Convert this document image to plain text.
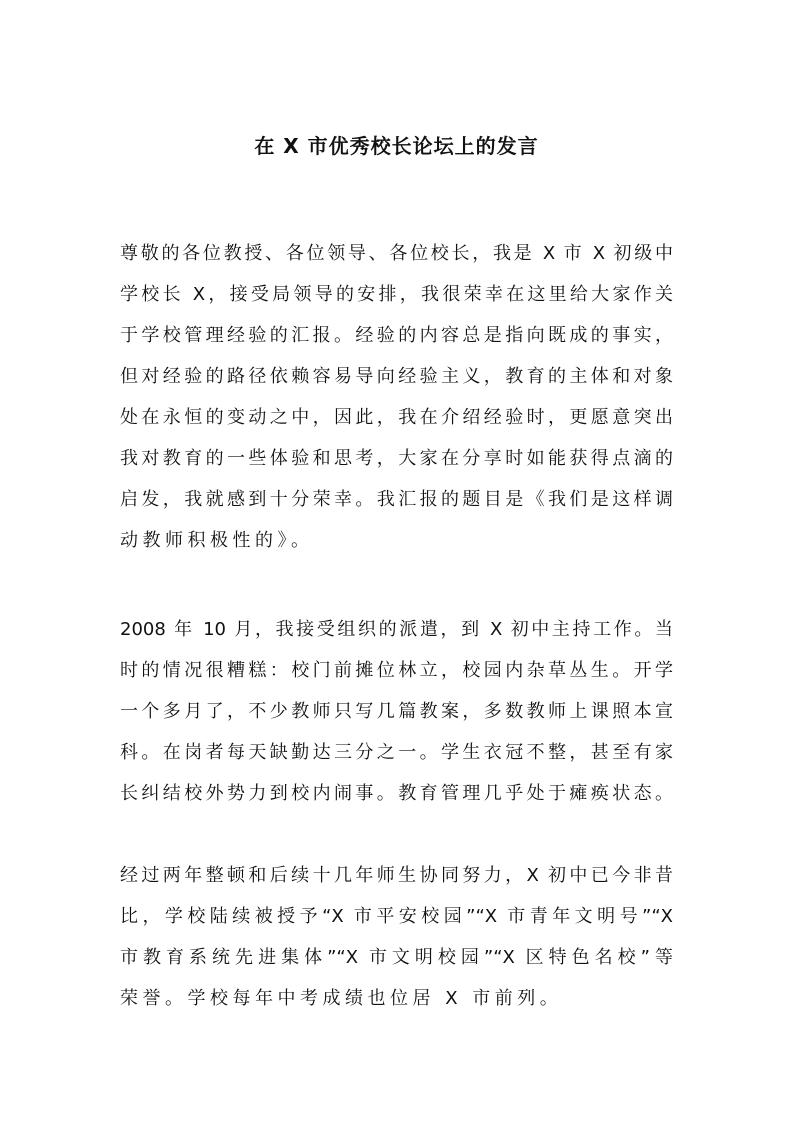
在 X 市优秀校长论坛上的发言
尊敬的各位教授、各位领导、各位校长，我是 X 市 X 初级中
学校长 X，接受局领导的安排，我很荣幸在这里给大家作关
于学校管理经验的汇报。经验的内容总是指向既成的事实，
但对经验的路径依赖容易导向经验主义，教育的主体和对象
处在永恒的变动之中，因此，我在介绍经验时，更愿意突出
我对教育的一些体验和思考，大家在分享时如能获得点滴的
启发，我就感到十分荣幸。我汇报的题目是《我们是这样调
动教师积极性的》。
2008 年 10 月，我接受组织的派遣，到 X 初中主持工作。当
时的情况很糟糕：校门前摊位林立，校园内杂草丛生。开学
一个多月了，不少教师只写几篇教案，多数教师上课照本宣
科。在岗者每天缺勤达三分之一。学生衣冠不整，甚至有家
长纠结校外势力到校内闹事。教育管理几乎处于瘫痪状态。
经过两年整顿和后续十几年师生协同努力，X 初中已今非昔
比，学校陆续被授予“X 市平安校园”“X 市青年文明号”“X
市教育系统先进集体”“X 市文明校园”“X 区特色名校”等
荣誉。学校每年中考成绩也位居 X 市前列。
